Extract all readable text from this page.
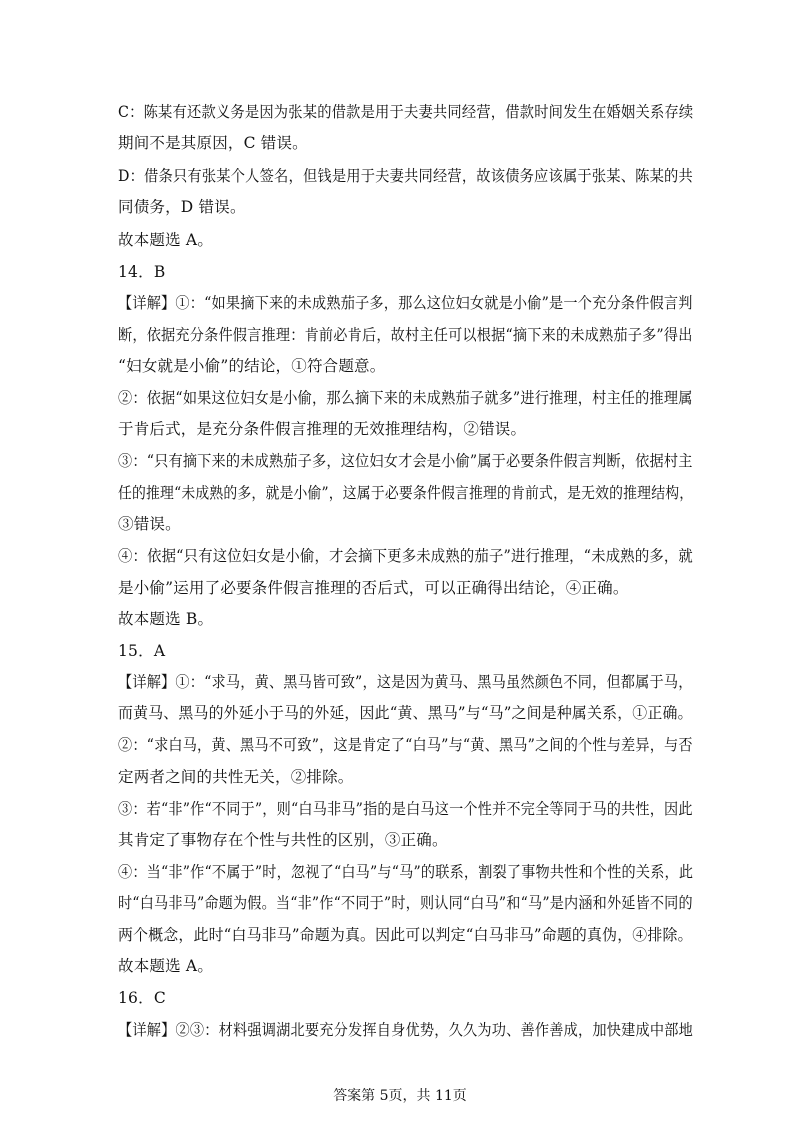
C：陈某有还款义务是因为张某的借款是用于夫妻共同经营，借款时间发生在婚姻关系存续
期间不是其原因，C 错误。
D：借条只有张某个人签名，但钱是用于夫妻共同经营，故该债务应该属于张某、陈某的共
同债务，D 错误。
故本题选 A。
14．B
【详解】①：“如果摘下来的未成熟茄子多，那么这位妇女就是小偷”是一个充分条件假言判
断，依据充分条件假言推理：肯前必肯后，故村主任可以根据“摘下来的未成熟茄子多”得出
“妇女就是小偷”的结论，①符合题意。
②：依据“如果这位妇女是小偷，那么摘下来的未成熟茄子就多”进行推理，村主任的推理属
于肯后式，是充分条件假言推理的无效推理结构，②错误。
③：“只有摘下来的未成熟茄子多，这位妇女才会是小偷”属于必要条件假言判断，依据村主
任的推理“未成熟的多，就是小偷”，这属于必要条件假言推理的肯前式，是无效的推理结构，
③错误。
④：依据“只有这位妇女是小偷，才会摘下更多未成熟的茄子”进行推理，“未成熟的多，就
是小偷”运用了必要条件假言推理的否后式，可以正确得出结论，④正确。
故本题选 B。
15．A
【详解】①：“求马，黄、黑马皆可致”，这是因为黄马、黑马虽然颜色不同，但都属于马，
而黄马、黑马的外延小于马的外延，因此“黄、黑马”与“马”之间是种属关系，①正确。
②：“求白马，黄、黑马不可致”，这是肯定了“白马”与“黄、黑马”之间的个性与差异，与否
定两者之间的共性无关，②排除。
③：若“非”作“不同于”，则“白马非马”指的是白马这一个性并不完全等同于马的共性，因此
其肯定了事物存在个性与共性的区别，③正确。
④：当“非”作“不属于”时，忽视了“白马”与“马”的联系，割裂了事物共性和个性的关系，此
时“白马非马”命题为假。当“非”作“不同于”时，则认同“白马”和“马”是内涵和外延皆不同的
两个概念，此时“白马非马”命题为真。因此可以判定“白马非马”命题的真伪，④排除。
故本题选 A。
16．C
【详解】②③：材料强调湖北要充分发挥自身优势，久久为功、善作善成，加快建成中部地
答案第 5页，共 11页
